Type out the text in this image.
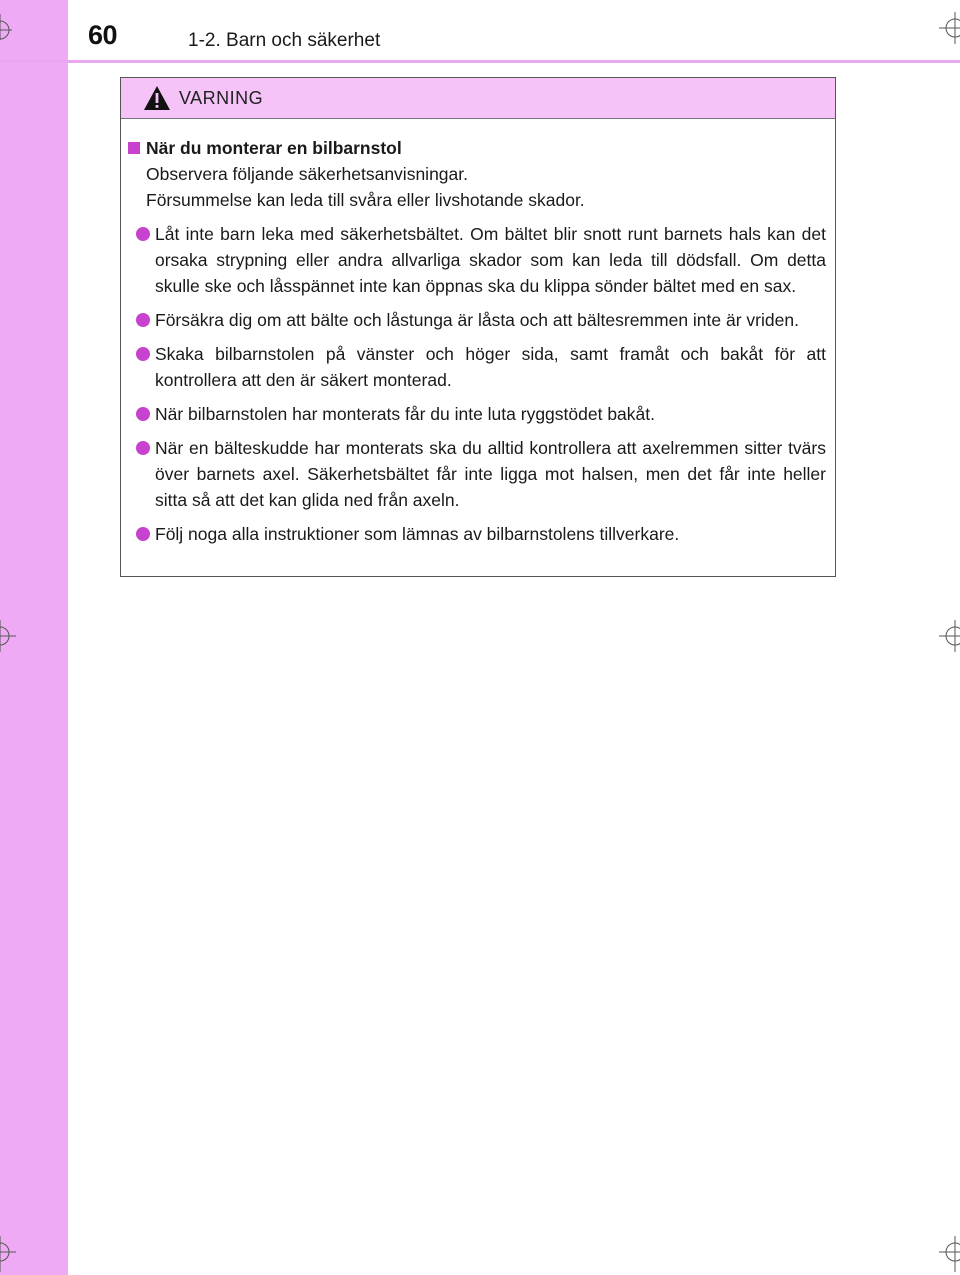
60	1-2. Barn och säkerhet
VARNING
När du monterar en bilbarnstol

Observera följande säkerhetsanvisningar.

Försummelse kan leda till svåra eller livshotande skador.

Låt inte barn leka med säkerhetsbältet. Om bältet blir snott runt barnets hals kan det orsaka strypning eller andra allvarliga skador som kan leda till dödsfall. Om detta skulle ske och låsspännet inte kan öppnas ska du klippa sönder bältet med en sax.
Försäkra dig om att bälte och låstunga är låsta och att bältesremmen inte är vriden.
Skaka bilbarnstolen på vänster och höger sida, samt framåt och bakåt för att kontrollera att den är säkert monterad.
När bilbarnstolen har monterats får du inte luta ryggstödet bakåt.
När en bälteskudde har monterats ska du alltid kontrollera att axelremmen sitter tvärs över barnets axel. Säkerhetsbältet får inte ligga mot halsen, men det får inte heller sitta så att det kan glida ned från axeln.
Följ noga alla instruktioner som lämnas av bilbarnstolens tillverkare.
